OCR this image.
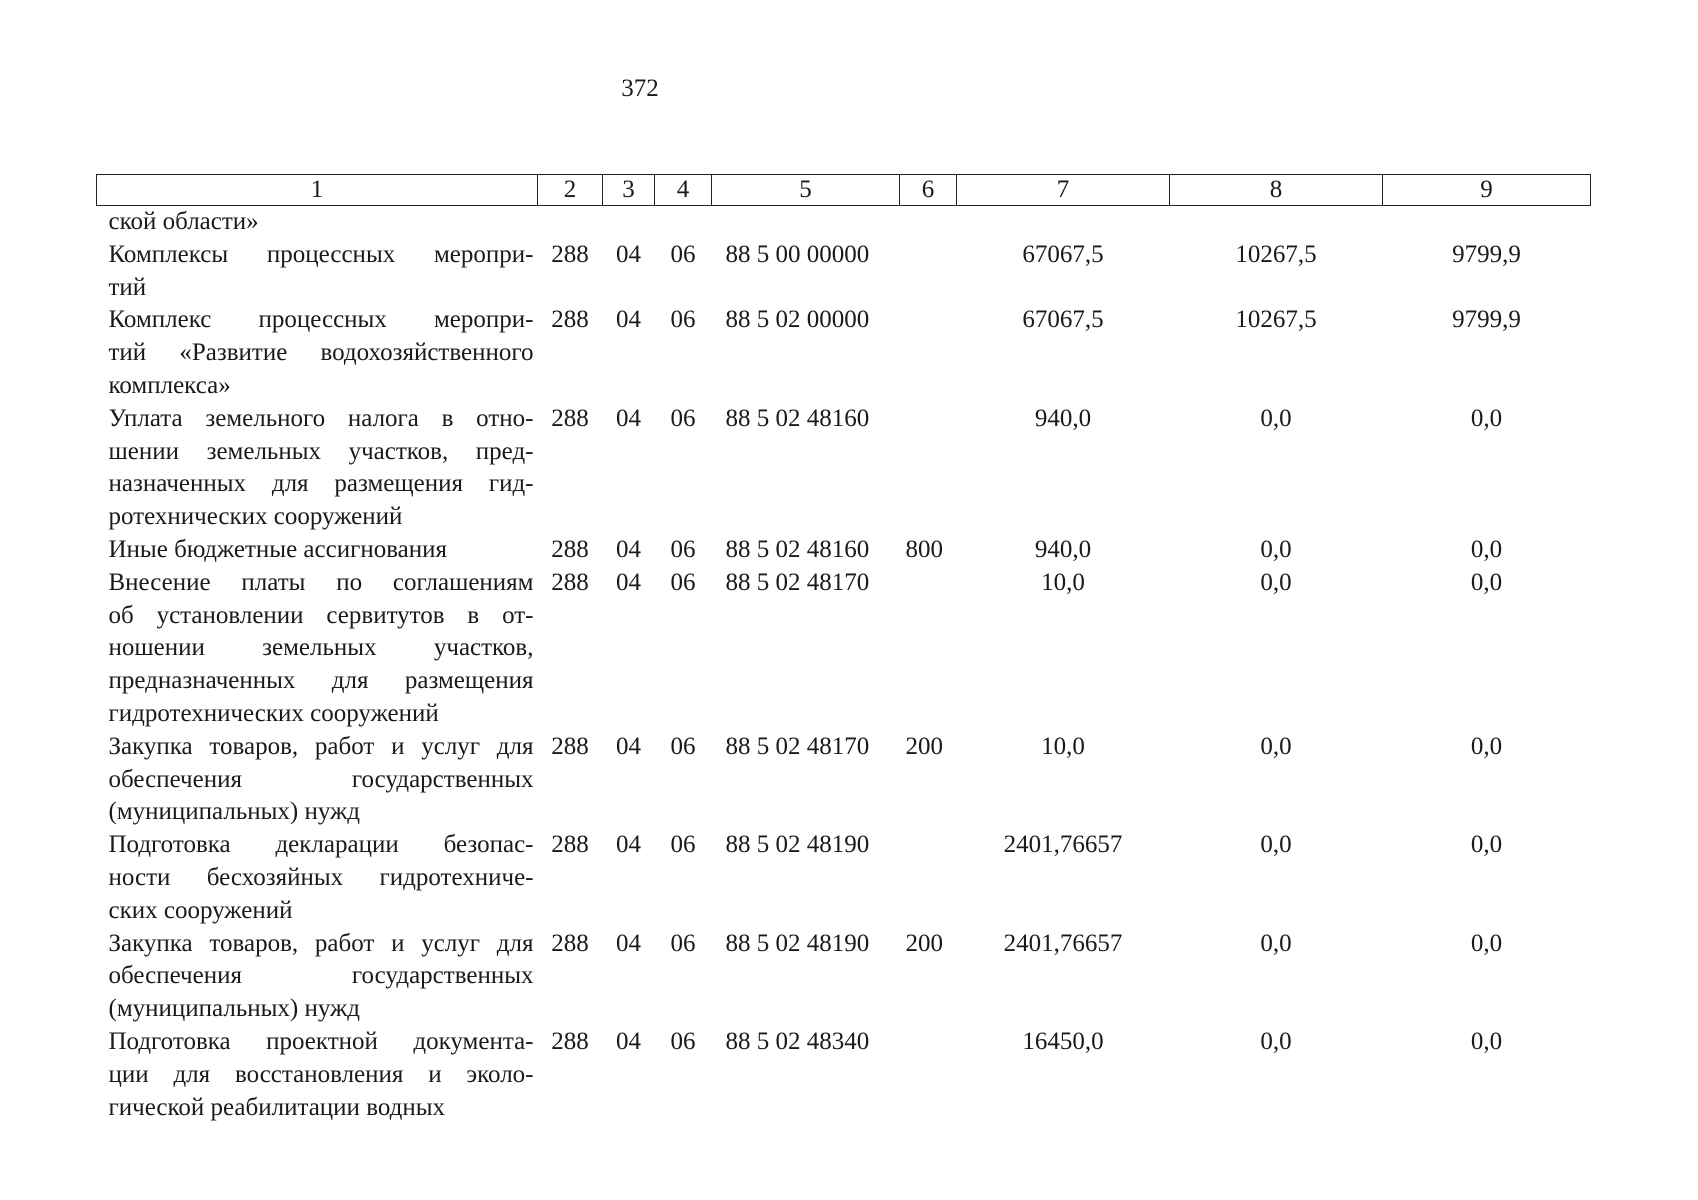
372
1	2	3	4	5	6	7	8	9

ской области»								

Комплексы процессных меропри-
тий	288	04	06	88 5 00 00000		67067,5	10267,5	9799,9

Комплекс процессных меропри-
тий «Развитие водохозяйственного
комплекса»	288	04	06	88 5 02 00000		67067,5	10267,5	9799,9

Уплата земельного налога в отно-
шении земельных участков, пред-
назначенных для размещения гид-
ротехнических сооружений	288	04	06	88 5 02 48160		940,0	0,0	0,0

Иные бюджетные ассигнования	288	04	06	88 5 02 48160	800	940,0	0,0	0,0

Внесение платы по соглашениям
об установлении сервитутов в от-
ношении земельных участков,
предназначенных для размещения
гидротехнических сооружений	288	04	06	88 5 02 48170		10,0	0,0	0,0

Закупка товаров, работ и услуг для
обеспечения государственных
(муниципальных) нужд	288	04	06	88 5 02 48170	200	10,0	0,0	0,0

Подготовка декларации безопас-
ности бесхозяйных гидротехниче-
ских сооружений	288	04	06	88 5 02 48190		2401,76657	0,0	0,0

Закупка товаров, работ и услуг для
обеспечения государственных
(муниципальных) нужд	288	04	06	88 5 02 48190	200	2401,76657	0,0	0,0

Подготовка проектной документа-
ции для восстановления и эколо-
гической реабилитации водных	288	04	06	88 5 02 48340		16450,0	0,0	0,0
